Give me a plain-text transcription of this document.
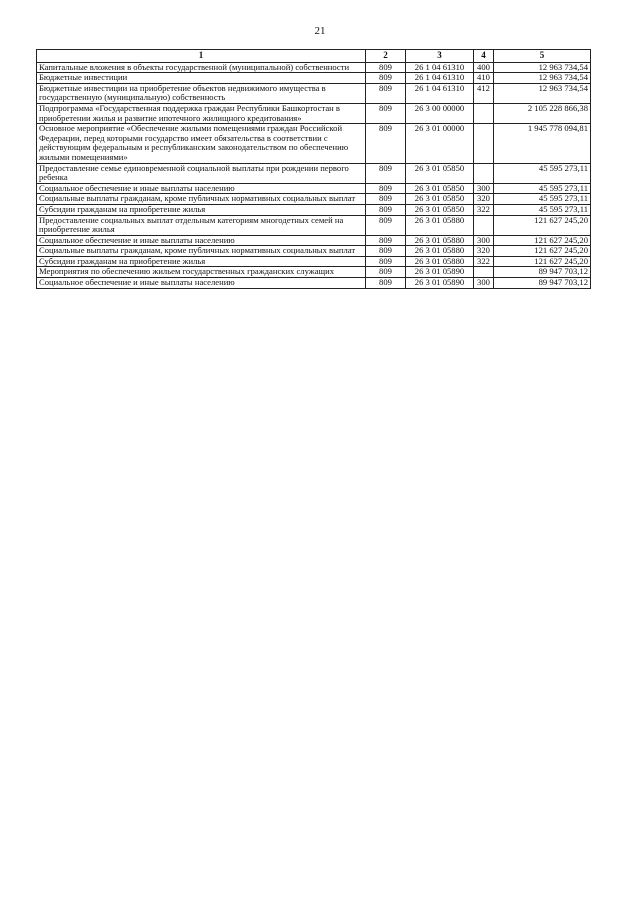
21
1	2	3	4	5
Капитальные вложения в объекты государственной (муниципальной) собственности	809	26 1 04 61310	400	12 963 734,54
Бюджетные инвестиции	809	26 1 04 61310	410	12 963 734,54
Бюджетные инвестиции на приобретение объектов недвижимого имущества в государственную (муниципальную) собственность	809	26 1 04 61310	412	12 963 734,54
Подпрограмма «Государственная поддержка граждан Республики Башкортостан в приобретении жилья и развитие ипотечного жилищного кредитования»	809	26 3 00 00000		2 105 228 866,38
Основное мероприятие «Обеспечение жилыми помещениями граждан Российской Федерации, перед которыми государство имеет обязательства в соответствии с действующим федеральным и республиканским законодательством по обеспечению жилыми помещениями»	809	26 3 01 00000		1 945 778 094,81
Предоставление семье единовременной социальной выплаты при рождении первого ребенка	809	26 3 01 05850		45 595 273,11
Социальное обеспечение и иные выплаты населению	809	26 3 01 05850	300	45 595 273,11
Социальные выплаты гражданам, кроме публичных нормативных социальных выплат	809	26 3 01 05850	320	45 595 273,11
Субсидии гражданам на приобретение жилья	809	26 3 01 05850	322	45 595 273,11
Предоставление социальных выплат отдельным категориям многодетных семей на приобретение жилья	809	26 3 01 05880		121 627 245,20
Социальное обеспечение и иные выплаты населению	809	26 3 01 05880	300	121 627 245,20
Социальные выплаты гражданам, кроме публичных нормативных социальных выплат	809	26 3 01 05880	320	121 627 245,20
Субсидии гражданам на приобретение жилья	809	26 3 01 05880	322	121 627 245,20
Мероприятия по обеспечению жильем государственных гражданских служащих	809	26 3 01 05890		89 947 703,12
Социальное обеспечение и иные выплаты населению	809	26 3 01 05890	300	89 947 703,12
